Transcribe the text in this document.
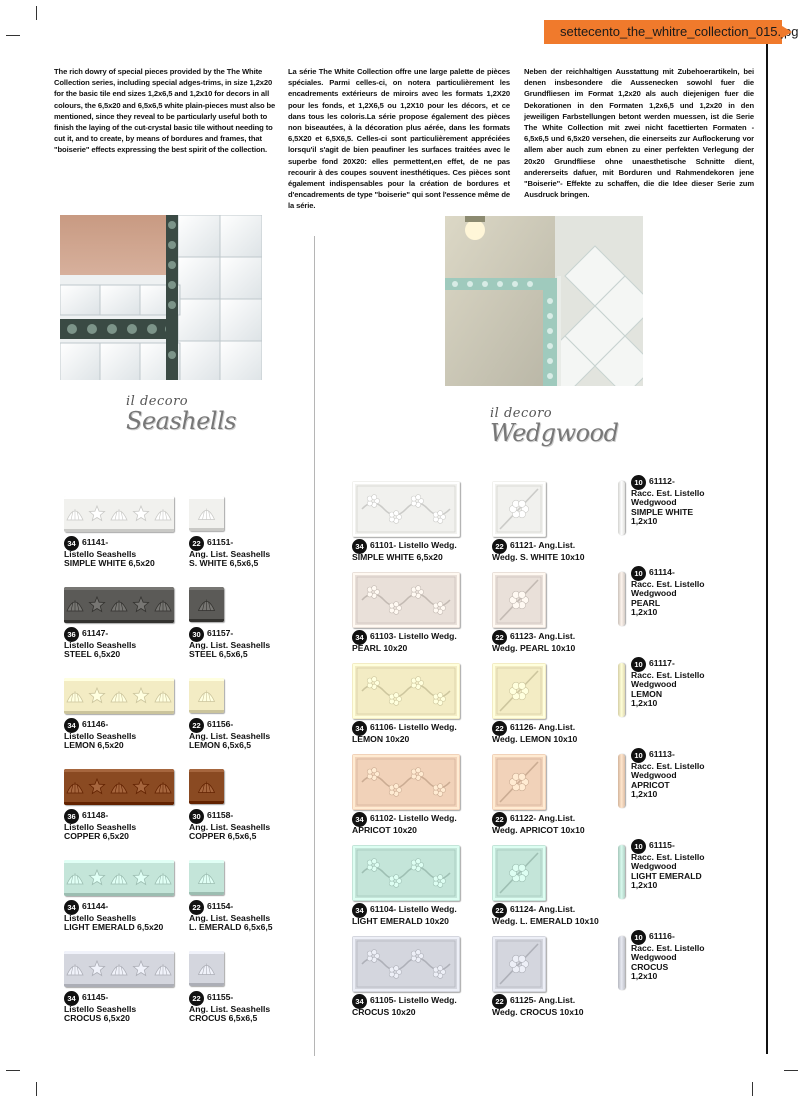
settecento_the_whitre_collection_015.jpg
The rich dowry of special pieces provided by the The White Collection series, including special adges-trims, in size 1,2x20 for the basic tile end sizes 1,2x6,5 and 1,2x10 for decors in all colours, the 6,5x20 and 6,5x6,5 white plain-pieces must also be mentioned, since they reveal to be particularly useful both to finish the laying of the cut-crystal basic tile without needing to cut it, and to create, by means of bordures and frames, that "boiserie" effects expressing the best spirit of the collection.
La série The White Collection offre une large palette de pièces spéciales. Parmi celles-ci, on notera particulièrement les encadrements extérieurs de miroirs avec les formats 1,2X20 pour les fonds, et 1,2X6,5 ou 1,2X10 pour les décors, et ce dans tous les coloris.La série propose également des pièces non biseautées, à la décoration plus aérée, dans les formats 6,5X20 et 6,5X6,5. Celles-ci sont particulièrement appréciées lorsqu'il s'agit de bien peaufiner les surfaces traitées avec le superbe fond 20X20: elles permettent,en effet, de ne pas recourir à des coupes souvent inesthétiques. Ces pièces sont également indispensables pour la création de bordures et d'encadrements de type "boiserie" qui sont l'essence même de la série.
Neben der reichhaltigen Ausstattung mit Zubehoerartikeln, bei denen insbesondere die Aussenecken sowohl fuer die Grundfliesen im Format 1,2x20 als auch diejenigen fuer die Dekorationen in den Formaten 1,2x6,5 und 1,2x20 in den jeweiligen Farbstellungen betont werden muessen, ist die Serie The White Collection mit zwei nicht facettierten Formaten - 6,5x6,5 und 6,5x20 versehen, die einerseits zur Auflockerung vor allem aber auch zum ebnen zu einer perfekten Verlegung der 20x20 Grundfliese ohne unaesthetische Schnitte dient, andererseits dafuer, mit Borduren und Rahmendekoren jene "Boiserie"- Effekte zu schaffen, die die Idee dieser Serie zum Ausdruck bringen.
il decoro
Seashells	il decoro
Wedgwood
34 61141-
Listello Seashells
SIMPLE WHITE 6,5x20
22 61151-
Ang. List. Seashells
S. WHITE 6,5x6,5
36 61147-
Listello Seashells
STEEL 6,5x20
30 61157-
Ang. List. Seashells
STEEL 6,5x6,5
34 61146-
Listello Seashells
LEMON 6,5x20
22 61156-
Ang. List. Seashells
LEMON 6,5x6,5
36 61148-
Listello Seashells
COPPER 6,5x20
30 61158-
Ang. List. Seashells
COPPER 6,5x6,5
34 61144-
Listello Seashells
LIGHT EMERALD 6,5x20
22 61154-
Ang. List. Seashells
L. EMERALD 6,5x6,5
34 61145-
Listello Seashells
CROCUS 6,5x20
22 61155-
Ang. List. Seashells
CROCUS 6,5x6,5
34 61101- Listello Wedg.
SIMPLE WHITE 6,5x20
22 61121- Ang.List.
Wedg. S. WHITE 10x10
10 61112-
Racc. Est. Listello
Wedgwood
SIMPLE WHITE
1,2x10
34 61103- Listello Wedg.
PEARL 10x20
22 61123- Ang.List.
Wedg. PEARL 10x10
10 61114-
Racc. Est. Listello
Wedgwood
PEARL
1,2x10
34 61106- Listello Wedg.
LEMON 10x20
22 61126- Ang.List.
Wedg. LEMON 10x10
10 61117-
Racc. Est. Listello
Wedgwood
LEMON
1,2x10
34 61102- Listello Wedg.
APRICOT 10x20
22 61122- Ang.List.
Wedg. APRICOT 10x10
10 61113-
Racc. Est. Listello
Wedgwood
APRICOT
1,2x10
34 61104- Listello Wedg.
LIGHT EMERALD 10x20
22 61124- Ang.List.
Wedg. L. EMERALD 10x10
10 61115-
Racc. Est. Listello
Wedgwood
LIGHT EMERALD
1,2x10
34 61105- Listello Wedg.
CROCUS 10x20
22 61125- Ang.List.
Wedg. CROCUS 10x10
10 61116-
Racc. Est. Listello
Wedgwood
CROCUS
1,2x10
